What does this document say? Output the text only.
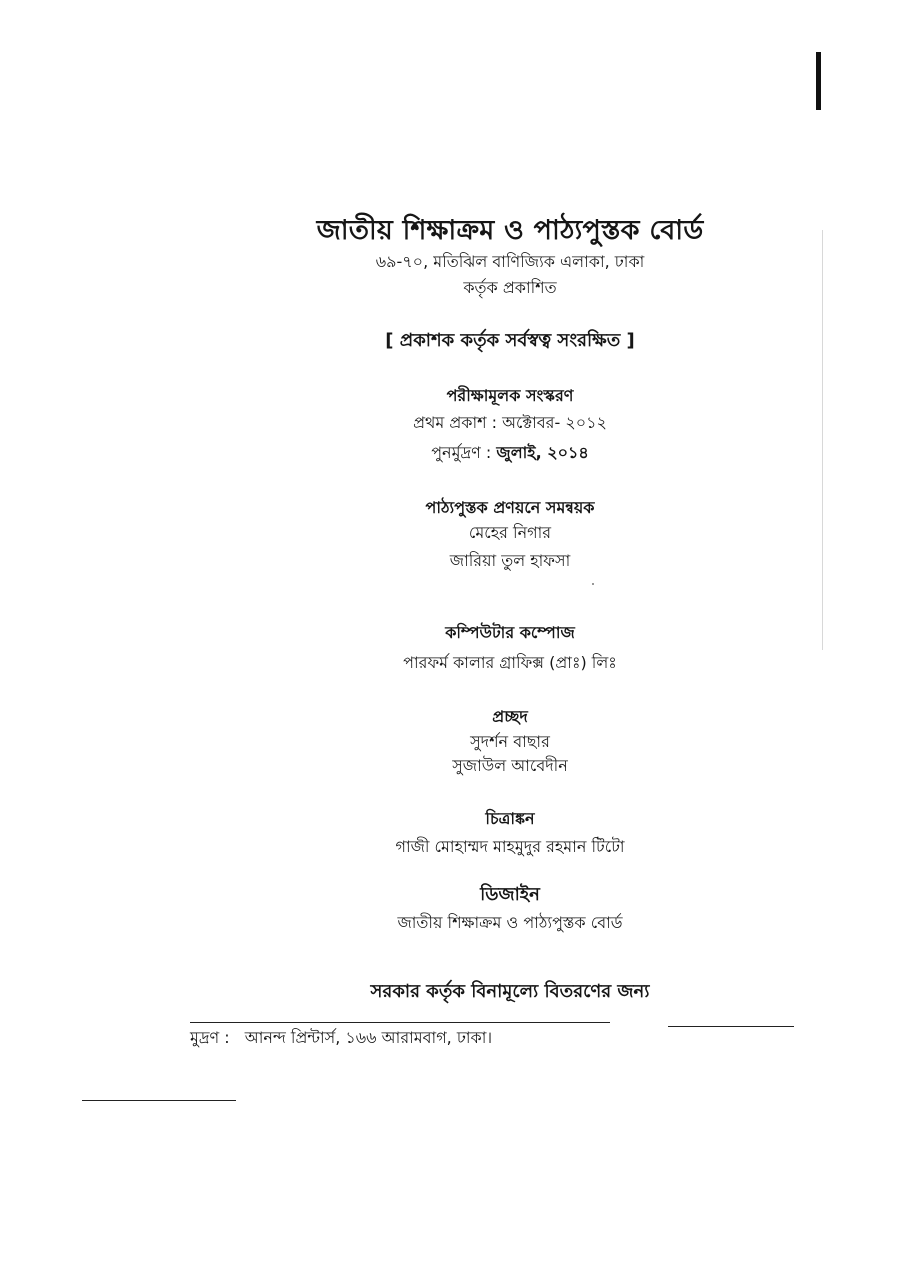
জাতীয় শিক্ষাক্রম ও পাঠ্যপুস্তক বোর্ড
৬৯-৭০, মতিঝিল বাণিজ্যিক এলাকা, ঢাকা
কর্তৃক প্রকাশিত
[ প্রকাশক কর্তৃক সর্বস্বত্ব সংরক্ষিত ]
পরীক্ষামূলক সংস্করণ
প্রথম প্রকাশ : অক্টোবর- ২০১২
পুনর্মুদ্রণ : জুলাই, ২০১৪
পাঠ্যপুস্তক প্রণয়নে সমন্বয়ক
মেহের নিগার
জারিয়া তুল হাফসা
কম্পিউটার কম্পোজ
পারফর্ম কালার গ্রাফিক্স (প্রাঃ) লিঃ
প্রচ্ছদ
সুদর্শন বাছার
সুজাউল আবেদীন
চিত্রাঙ্কন
গাজী মোহাম্মদ মাহমুদুর রহমান টিটো
ডিজাইন
জাতীয় শিক্ষাক্রম ও পাঠ্যপুস্তক বোর্ড
সরকার কর্তৃক বিনামূল্যে বিতরণের জন্য
মুদ্রণ : আনন্দ প্রিন্টার্স, ১৬৬ আরামবাগ, ঢাকা।
